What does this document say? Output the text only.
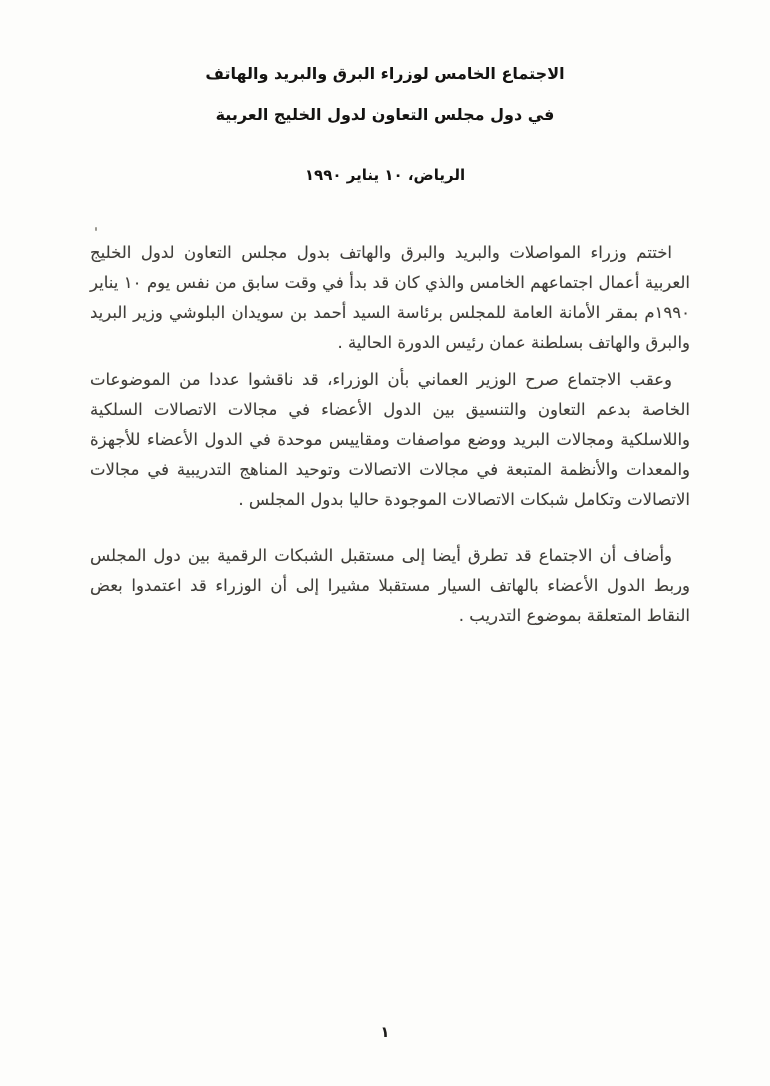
الاجتماع الخامس لوزراء البرق والبريد والهاتف
في دول مجلس التعاون لدول الخليج العربية
الرياض، ١٠ يناير ١٩٩٠

اختتم وزراء المواصلات والبريد والبرق والهاتف بدول مجلس التعاون لدول الخليج العربية أعمال اجتماعهم الخامس والذي كان قد بدأ في وقت سابق من نفس يوم ١٠ يناير ١٩٩٠م بمقر الأمانة العامة للمجلس برئاسة السيد أحمد بن سويدان البلوشي وزير البريد والبرق والهاتف بسلطنة عمان رئيس الدورة الحالية .

وعقب الاجتماع صرح الوزير العماني بأن الوزراء، قد ناقشوا عددا من الموضوعات الخاصة بدعم التعاون والتنسيق بين الدول الأعضاء في مجالات الاتصالات السلكية واللاسلكية ومجالات البريد ووضع مواصفات ومقاييس موحدة في الدول الأعضاء للأجهزة والمعدات والأنظمة المتبعة في مجالات الاتصالات وتوحيد المناهج التدريبية في مجالات الاتصالات وتكامل شبكات الاتصالات الموجودة حاليا بدول المجلس .

وأضاف أن الاجتماع قد تطرق أيضا إلى مستقبل الشبكات الرقمية بين دول المجلس وربط الدول الأعضاء بالهاتف السيار مستقبلا مشيرا إلى أن الوزراء قد اعتمدوا بعض النقاط المتعلقة بموضوع التدريب .

١
